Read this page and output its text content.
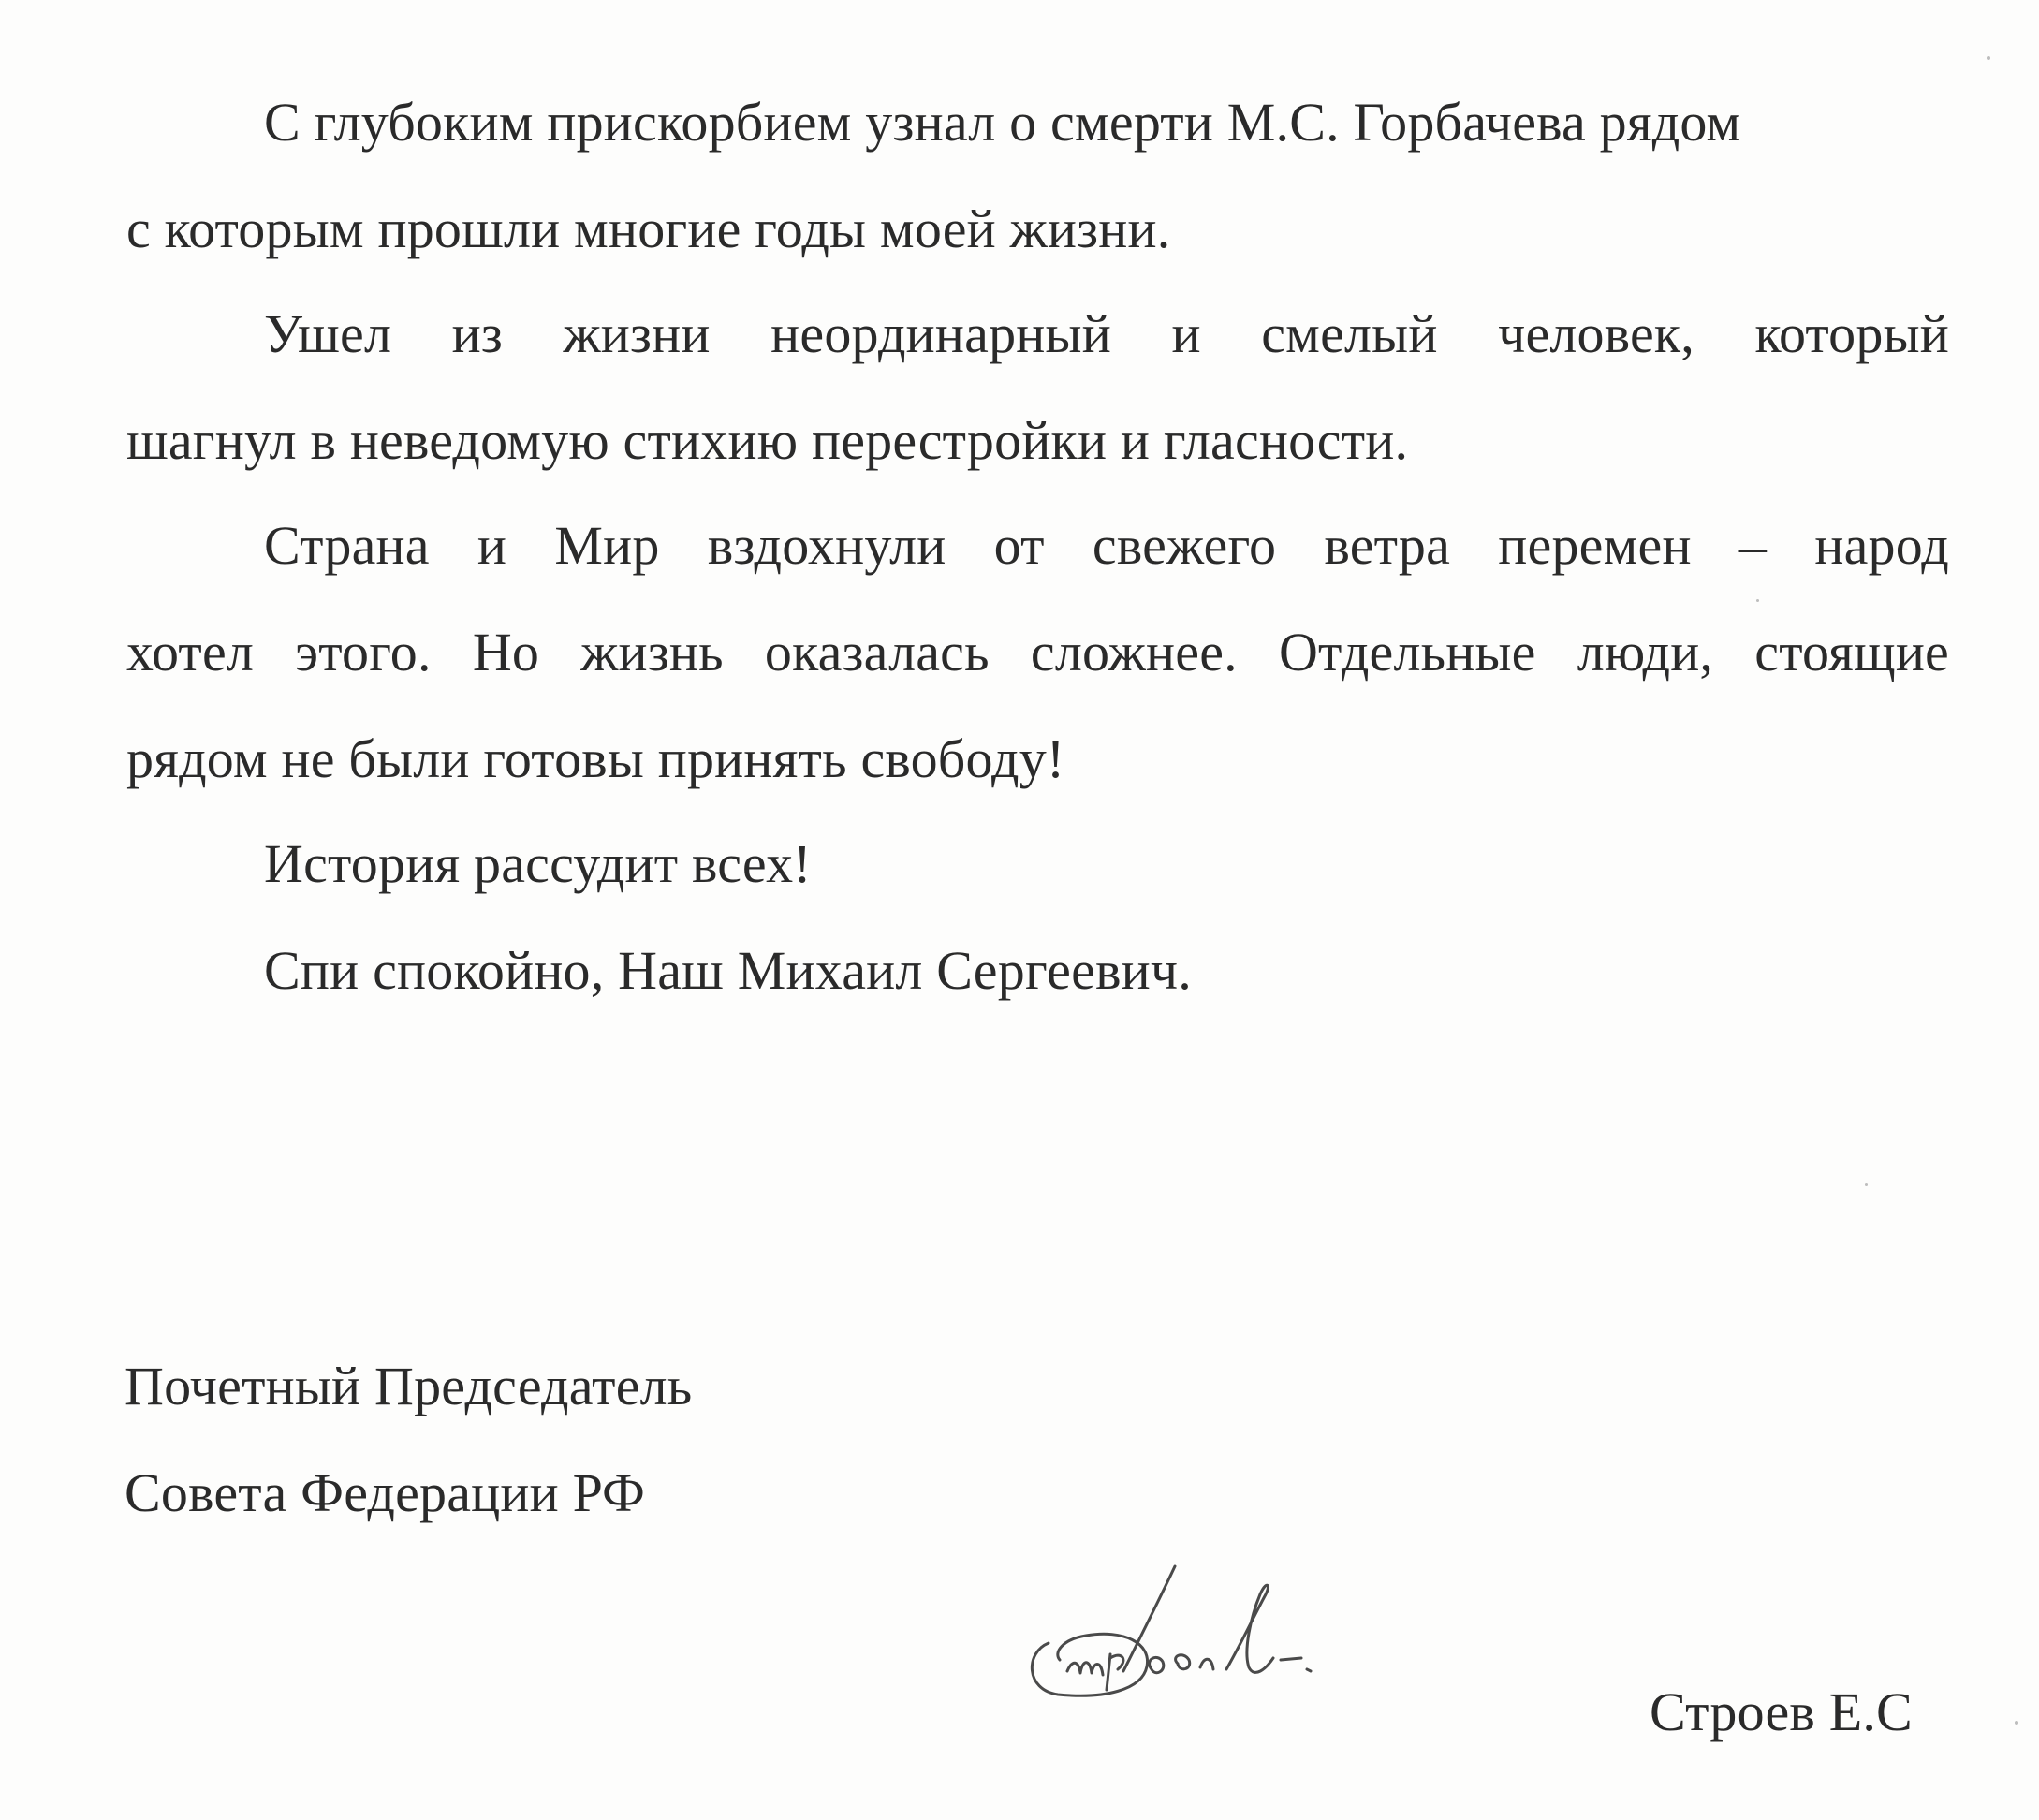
С глубоким прискорбием узнал о смерти М.С. Горбачева рядом
с которым прошли многие годы моей жизни.
Ушел из жизни неординарный и смелый человек, который
шагнул в неведомую стихию перестройки и гласности.
Страна и Мир вздохнули от свежего ветра перемен – народ
хотел этого. Но жизнь оказалась сложнее. Отдельные люди, стоящие
рядом не были готовы принять свободу!
История рассудит всех!
Спи спокойно, Наш Михаил Сергеевич.
Почетный Председатель
Совета Федерации РФ
Строев Е.С
